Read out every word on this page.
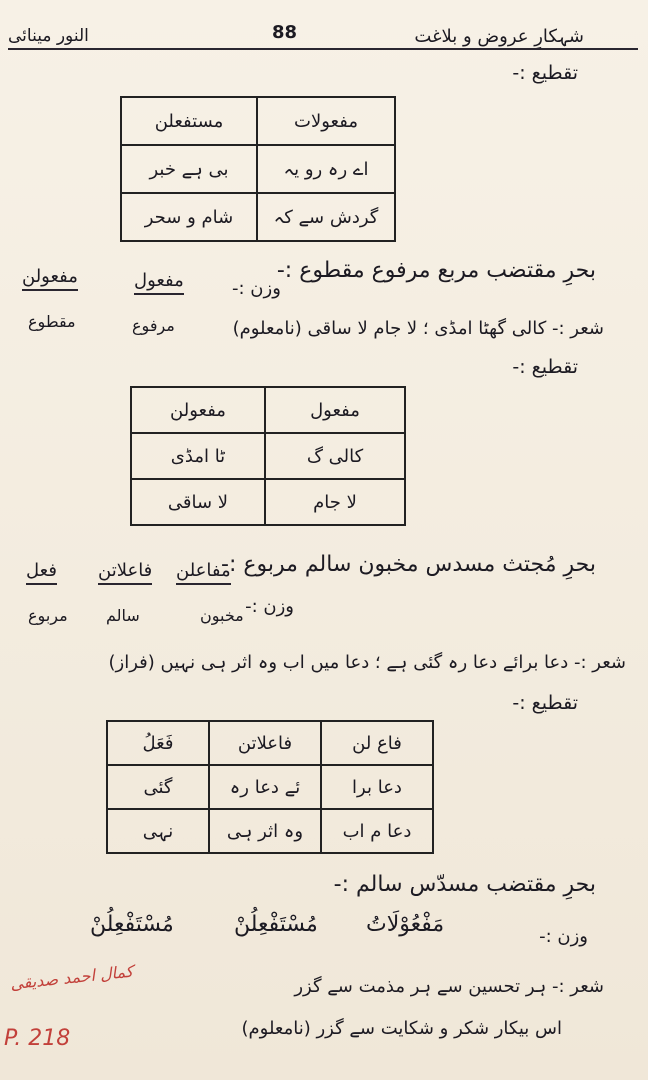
النور مینائی	88	شہکارِ عروض و بلاغت
تقطیع :-
مفعولات	مستفعلن
اے رہ رو یہ	بی ہے خبر
گردش سے کہ	شام و سحر
بحرِ مقتضب مربع مرفوع مقطوع :-
وزن :-
مفعول
مفعولن
مرفوع
مقطوع	شعر :- کالی گھٹا امڈی ؛ لا جام لا ساقی (نامعلوم)
تقطیع :-
مفعول	مفعولن
کالی گ	ٹا امڈی
لا جام	لا ساقی
بحرِ مُجتث مسدس مخبون سالم مربوع :-
مفاعلن
فاعلاتن
فعل
وزن :-
مخبون
سالم
مربوع
شعر :- دعا برائے دعا رہ گئی ہے ؛ دعا میں اب وہ اثر ہی نہیں (فراز)
تقطیع :-
فاع لن	فاعلاتن	فَعَلُ
دعا برا	ئے دعا رہ	گئی
دعا م اب	وہ اثر ہی	نہی
بحرِ مقتضب مسدّس سالم :-
وزن :-
مَفْعُوْلَاتُ
مُسْتَفْعِلُنْ
مُسْتَفْعِلُنْ
شعر :- ہر تحسین سے ہر مذمت سے گزر
اس بیکار شکر و شکایت سے گزر (نامعلوم)
کمال احمد صدیقی
P. 218
